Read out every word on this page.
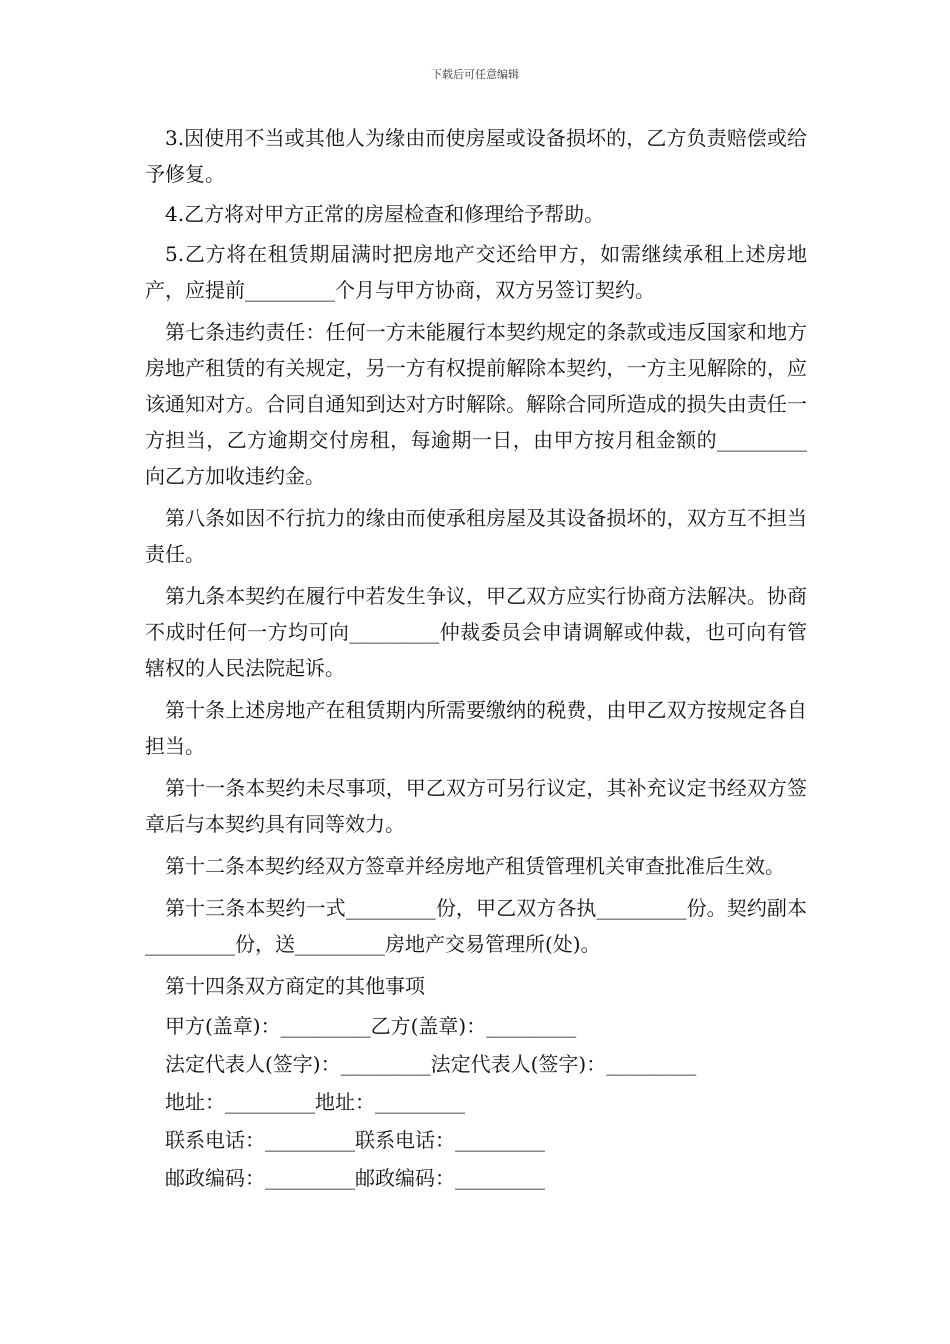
下载后可任意编辑

3.因使用不当或其他人为缘由而使房屋或设备损坏的，乙方负责赔偿或给予修复。

4.乙方将对甲方正常的房屋检查和修理给予帮助。

5.乙方将在租赁期届满时把房地产交还给甲方，如需继续承租上述房地产，应提前_________个月与甲方协商，双方另签订契约。

第七条违约责任：任何一方未能履行本契约规定的条款或违反国家和地方房地产租赁的有关规定，另一方有权提前解除本契约，一方主见解除的，应该通知对方。合同自通知到达对方时解除。解除合同所造成的损失由责任一方担当，乙方逾期交付房租，每逾期一日，由甲方按月租金额的_________向乙方加收违约金。

第八条如因不行抗力的缘由而使承租房屋及其设备损坏的，双方互不担当责任。

第九条本契约在履行中若发生争议，甲乙双方应实行协商方法解决。协商不成时任何一方均可向_________仲裁委员会申请调解或仲裁，也可向有管辖权的人民法院起诉。

第十条上述房地产在租赁期内所需要缴纳的税费，由甲乙双方按规定各自担当。

第十一条本契约未尽事项，甲乙双方可另行议定，其补充议定书经双方签章后与本契约具有同等效力。

第十二条本契约经双方签章并经房地产租赁管理机关审查批准后生效。

第十三条本契约一式_________份，甲乙双方各执_________份。契约副本_________份，送_________房地产交易管理所(处)。

第十四条双方商定的其他事项

甲方(盖章)：_________乙方(盖章)：_________

法定代表人(签字)：_________法定代表人(签字)：_________

地址：_________地址：_________

联系电话：_________联系电话：_________

邮政编码：_________邮政编码：_________
